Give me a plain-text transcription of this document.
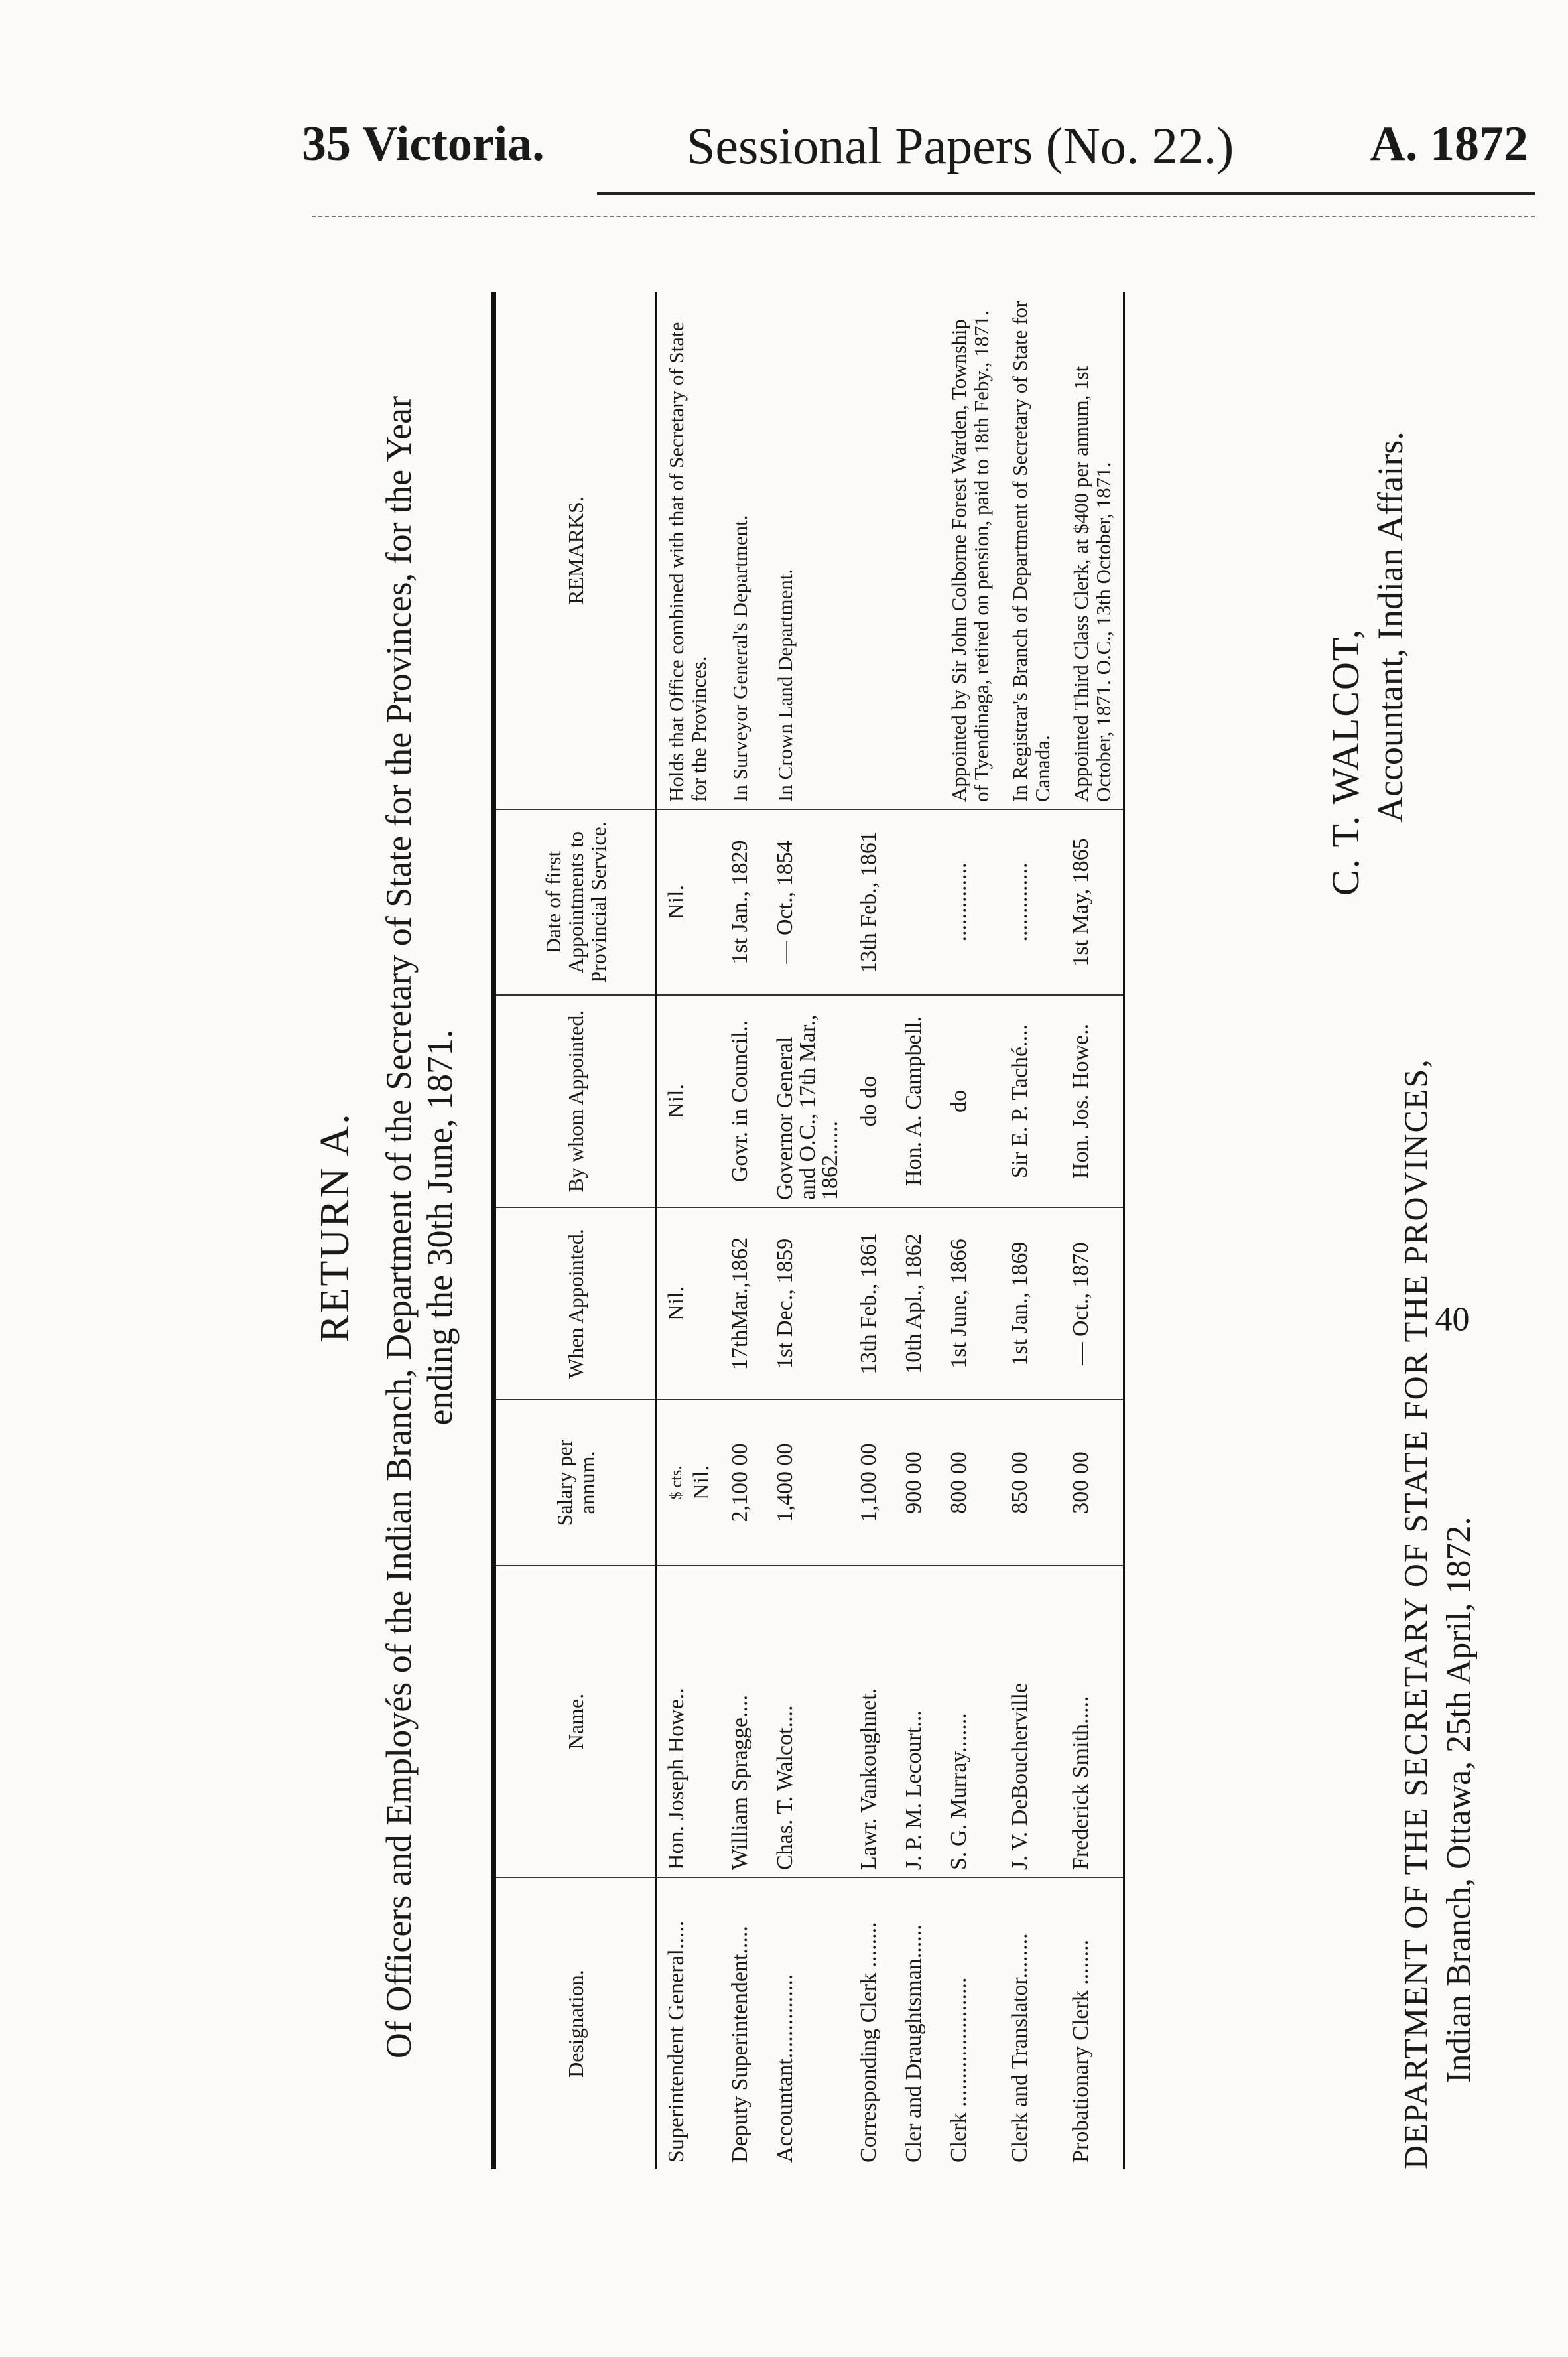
35 Victoria.	Sessional Papers (No. 22.)	A. 1872
RETURN A. Of Officers and Employés of the Indian Branch, Department of the Secretary of State for the Provinces, for the Year ending the 30th June, 1871.
Designation.	Name.	Salary per annum.	When Appointed.	By whom Appointed.	Date of first Appointments to Provincial Service.	REMARKS.
Superintendent General.....	Hon. Joseph Howe..	$ cts. Nil.	Nil.	Nil.	Nil.	Holds that Office combined with that of Secretary of State for the Provinces.
Deputy Superintendent.....	William Spragge....	2,100 00	17thMar.,1862	Govr. in Council..	1st Jan., 1829	In Surveyor General's Department.
Accountant...............	Chas. T. Walcot....	1,400 00	1st Dec., 1859	Governor General and O.C., 17th Mar., 1862......	— Oct., 1854	In Crown Land Department.
Corresponding Clerk ........	Lawr. Vankoughnet.	1,100 00	13th Feb., 1861	do do	13th Feb., 1861	
Cler and Draughtsman......	J. P. M. Lecourt...	900 00	10th Apl., 1862	Hon. A. Campbell.		
Clerk .......................	S. G. Murray.......	800 00	1st June, 1866	do	..............	Appointed by Sir John Colborne Forest Warden, Township of Tyendinaga, retired on pension, paid to 18th Feby., 1871.
Clerk and Translator........	J. V. DeBoucherville	850 00	1st Jan., 1869	Sir E. P. Taché....	..............	In Registrar's Branch of Department of Secretary of State for Canada.
Probationary Clerk ........	Frederick Smith.....	300 00	— Oct., 1870	Hon. Jos. Howe..	1st May, 1865	Appointed Third Class Clerk, at $400 per annum, 1st October, 1871. O.C., 13th October, 1871.
40
C. T. WALCOT, Accountant, Indian Affairs.
DEPARTMENT OF THE SECRETARY OF STATE FOR THE PROVINCES, Indian Branch, Ottawa, 25th April, 1872.
